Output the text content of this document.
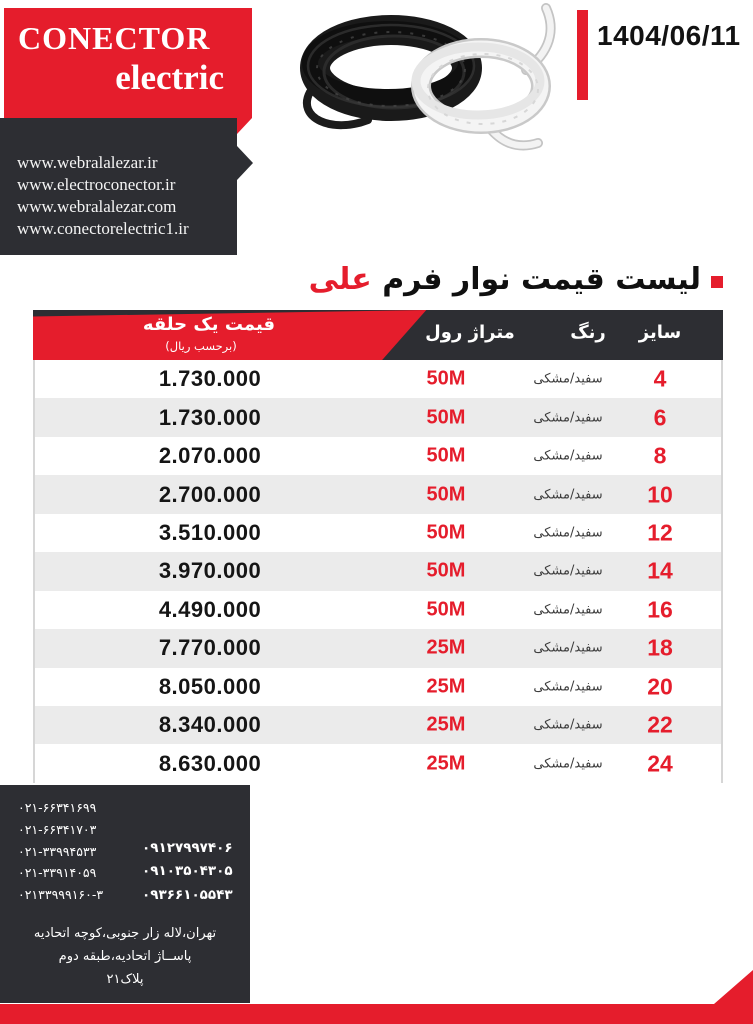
CONECTOR
electric
www.webralalezar.ir
www.electroconector.ir
www.webralalezar.com
www.conectorelectric1.ir
1404/06/11
لیست قیمت نوار فرم علی
قیمت یک حلقه
(برحسب ریال)
متراژ رول	رنگ سایز
1.730.000	50M	سفید/مشکی 4
1.730.000	50M	سفید/مشکی 6
2.070.000	50M	سفید/مشکی 8
2.700.000	50M	سفید/مشکی 10
3.510.000	50M	سفید/مشکی 12
3.970.000	50M	سفید/مشکی 14
4.490.000	50M	سفید/مشکی 16
7.770.000	25M	سفید/مشکی 18
8.050.000	25M	سفید/مشکی 20
8.340.000	25M	سفید/مشکی 22
8.630.000	25M	سفید/مشکی 24
۰۲۱-۶۶۳۴۱۶۹۹
۰۲۱-۶۶۳۴۱۷۰۳
۰۲۱-۳۳۹۹۴۵۳۳
۰۲۱-۳۳۹۱۴۰۵۹
۰۲۱۳۳۹۹۹۱۶۰-۳
۰۹۱۲۷۹۹۷۴۰۶
۰۹۱۰۳۵۰۴۳۰۵
۰۹۳۶۶۱۰۵۵۴۳
تهران،لاله زار جنوبی،کوچه اتحادیه
پاســاژ اتحادیه،طبقه دوم
پلاک۲۱
